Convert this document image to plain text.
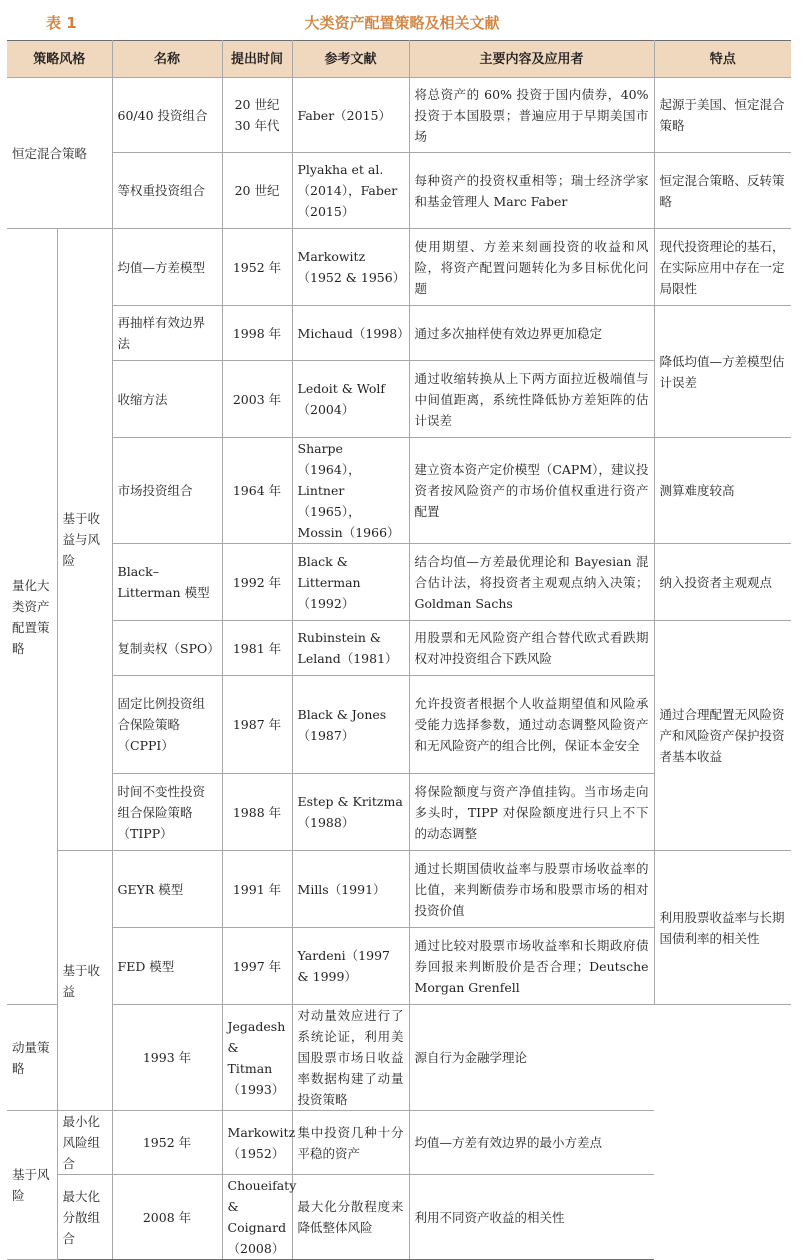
表 1	大类资产配置策略及相关文献
策略风格		名称	提出时间	参考文献	主要内容及应用者	特点
恒定混合策略		60/40 投资组合	20 世纪 30 年代	Faber（2015）	将总资产的 60% 投资于国内债券，40% 投资于本国股票；普遍应用于早期美国市场	起源于美国、恒定混合策略
		等权重投资组合	20 世纪	Plyakha et al.（2014），Faber（2015）	每种资产的投资权重相等；瑞士经济学家和基金管理人 Marc Faber	恒定混合策略、反转策略
量化大类资产配置策略	基于收益与风险	均值—方差模型	1952 年	Markowitz（1952 & 1956）	使用期望、方差来刻画投资的收益和风险，将资产配置问题转化为多目标优化问题	现代投资理论的基石，在实际应用中存在一定局限性
		再抽样有效边界法	1998 年	Michaud（1998）	通过多次抽样使有效边界更加稳定	降低均值—方差模型估计误差
		收缩方法	2003 年	Ledoit & Wolf（2004）	通过收缩转换从上下两方面拉近极端值与中间值距离，系统性降低协方差矩阵的估计误差	
		市场投资组合	1964 年	Sharpe（1964），Lintner（1965），Mossin（1966）	建立资本资产定价模型（CAPM），建议投资者按风险资产的市场价值权重进行资产配置	测算难度较高
		Black–Litterman 模型	1992 年	Black & Litterman（1992）	结合均值—方差最优理论和 Bayesian 混合估计法，将投资者主观观点纳入决策；Goldman Sachs	纳入投资者主观观点
		复制卖权（SPO）	1981 年	Rubinstein & Leland（1981）	用股票和无风险资产组合替代欧式看跌期权对冲投资组合下跌风险	通过合理配置无风险资产和风险资产保护投资者基本收益
		固定比例投资组合保险策略（CPPI）	1987 年	Black & Jones（1987）	允许投资者根据个人收益期望值和风险承受能力选择参数，通过动态调整风险资产和无风险资产的组合比例，保证本金安全	
		时间不变性投资组合保险策略（TIPP）	1988 年	Estep & Kritzma（1988）	将保险额度与资产净值挂钩。当市场走向多头时，TIPP 对保险额度进行只上不下的动态调整	
	基于收益	GEYR 模型	1991 年	Mills（1991）	通过长期国债收益率与股票市场收益率的比值，来判断债券市场和股票市场的相对投资价值	利用股票收益率与长期国债利率的相关性
		FED 模型	1997 年	Yardeni（1997 & 1999）	通过比较对股票市场收益率和长期政府债券回报来判断股价是否合理；Deutsche Morgan Grenfell	
动量策略		1993 年	Jegadesh & Titman（1993）	对动量效应进行了系统论证，利用美国股票市场日收益率数据构建了动量投资策略	源自行为金融学理论	
基于风险	最小化风险组合	1952 年	Markowitz（1952）	集中投资几种十分平稳的资产	均值—方差有效边界的最小方差点	
	最大化分散组合	2008 年	Choueifaty & Coignard（2008）	最大化分散程度来降低整体风险	利用不同资产收益的相关性	
